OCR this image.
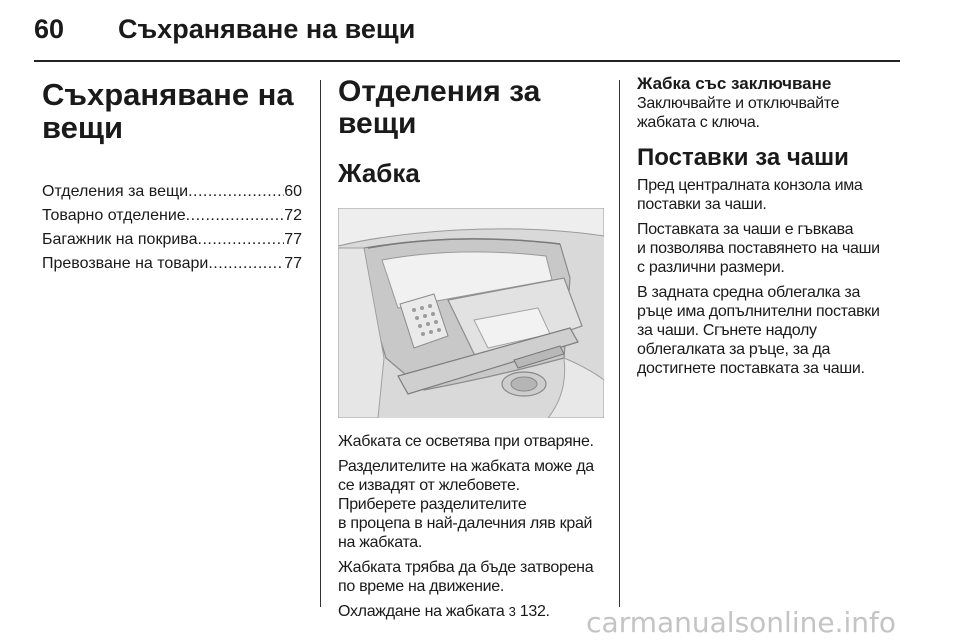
60 Съхраняване на вещи
Съхраняване на
вещи
Отделения за вещи .....	60
Товарно отделение .....	72
Багажник на покрива .....	77
Превозване на товари .....	77
Отделения за вещи
Жабка

Жабката се осветява при отваряне.

Разделителите на жабката може да
се извадят от жлебовете.
Приберете разделителите
в процепа в най-далечния ляв край
на жабката.

Жабката трябва да бъде затворена
по време на движение.

Охлаждане на жабката 3 132.

Жабка със заключване

Заключвайте и отключвайте
жабката с ключа.

Поставки за чаши

Пред централната конзола има
поставки за чаши.

Поставката за чаши е гъвкава
и позволява поставянето на чаши
с различни размери.

В задната средна облегалка за
ръце има допълнителни поставки
за чаши. Сгънете надолу
облегалката за ръце, за да
достигнете поставката за чаши.

carmanualsonline.info
